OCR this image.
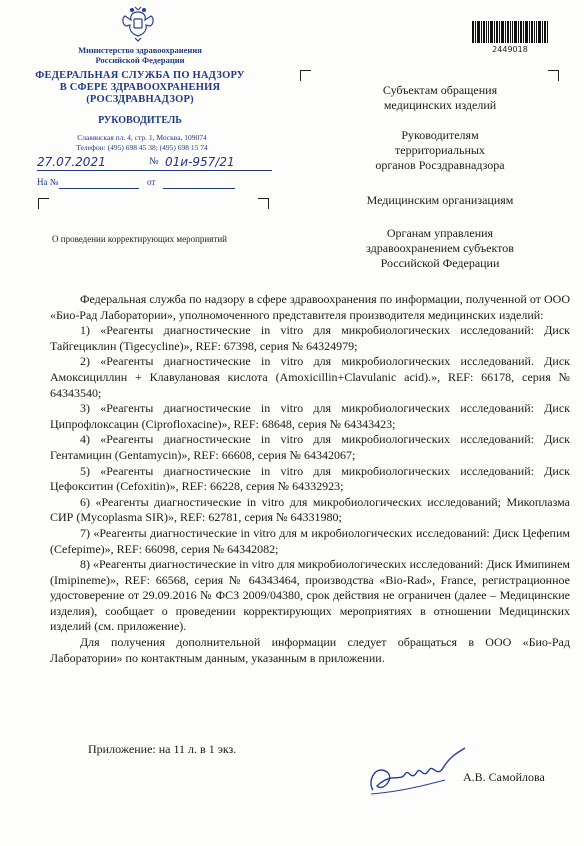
Министерство здравоохранения
Российской Федерации
ФЕДЕРАЛЬНАЯ СЛУЖБА ПО НАДЗОРУ
В СФЕРЕ ЗДРАВООХРАНЕНИЯ
(РОСЗДРАВНАДЗОР)
РУКОВОДИТЕЛЬ
Славянская пл. 4, стр. 1, Москва, 109074
Телефон: (495) 698 45 38; (495) 698 15 74
27.07.2021	№ 01и-957/21
На №	от
О проведении корректирующих мероприятий
2449018
Субъектам обращения
медицинских изделий
Руководителям
территориальных
органов Росздравнадзора
Медицинским организациям
Органам управления
здравоохранением субъектов
Российской Федерации

Федеральная служба по надзору в сфере здравоохранения по информации, полученной от ООО «Био-Рад Лаборатории», уполномоченного представителя производителя медицинских изделий:

1) «Реагенты диагностические in vitro для микробиологических исследований: Диск Тайгециклин (Tigecycline)», REF: 67398, серия № 64324979;

2) «Реагенты диагностические in vitro для микробиологических исследований. Диск Амоксициллин + Клавулановая кислота (Amoxicillin+Clavulanic acid).», REF: 66178, серия № 64343540;

3) «Реагенты диагностические in vitro для микробиологических исследований: Диск Ципрофлоксацин (Ciprofloxacine)», REF: 68648, серия № 64343423;

4) «Реагенты диагностические in vitro для микробиологических исследований: Диск Гентамицин (Gentamycin)», REF: 66608, серия № 64342067;

5) «Реагенты диагностические in vitro для микробиологических исследований: Диск Цефокситин (Cefoxitin)», REF: 66228, серия № 64332923;

6) «Реагенты диагностические in vitro для микробиологических исследований; Микоплазма СИР (Mycoplasma SIR)», REF: 62781, серия № 64331980;

7) «Реагенты диагностические in vitro для м икробиологических исследований: Диск Цефепим (Cefepime)», REF: 66098, серия № 64342082;

8) «Реагенты диагностические in vitro для микробиологических исследований: Диск Имипинем (Imipineme)», REF: 66568, серия № 64343464, производства «Bio-Rad», France, регистрационное удостоверение от 29.09.2016 № ФСЗ 2009/04380, срок действия не ограничен (далее – Медицинские изделия), сообщает о проведении корректирующих мероприятиях в отношении Медицинских изделий (см. приложение).

Для получения дополнительной информации следует обращаться в ООО «Био-Рад Лаборатории» по контактным данным, указанным в приложении.

Приложение: на 11 л. в 1 экз.
А.В. Самойлова
